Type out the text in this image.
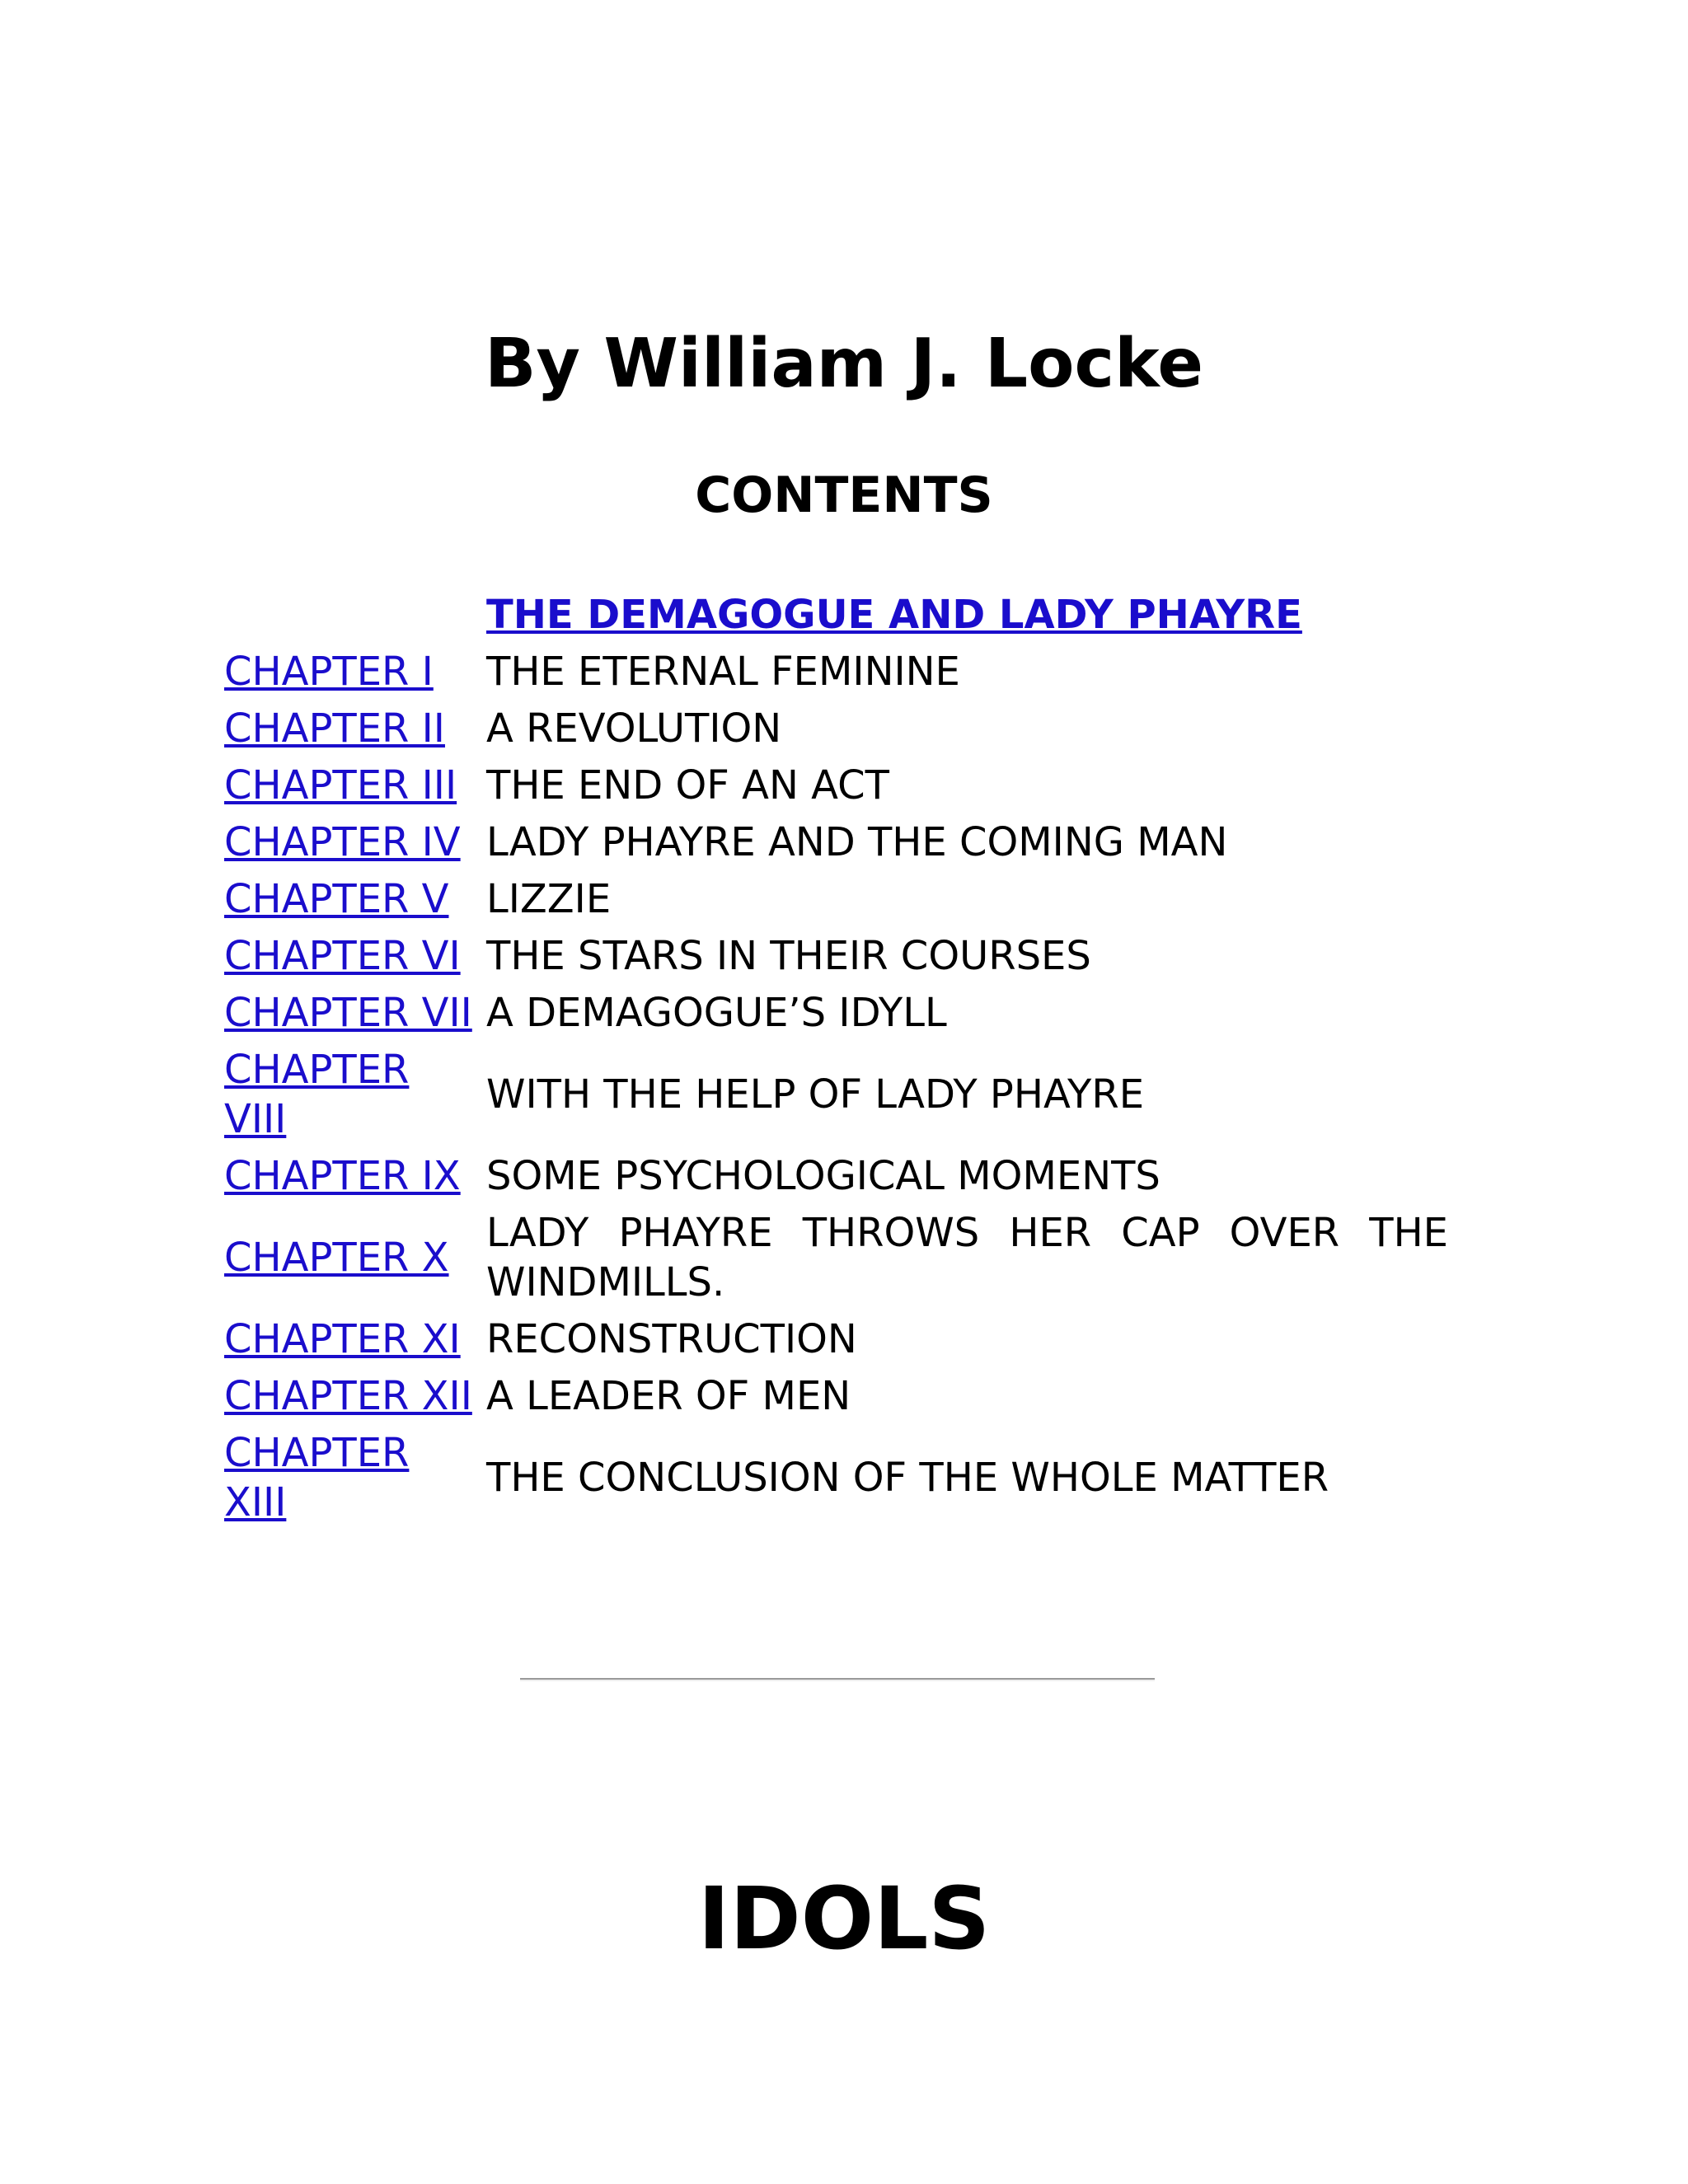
By William J. Locke
CONTENTS
	THE DEMAGOGUE AND LADY PHAYRE
CHAPTER I	THE ETERNAL FEMININE
CHAPTER II	A REVOLUTION
CHAPTER III	THE END OF AN ACT
CHAPTER IV	LADY PHAYRE AND THE COMING MAN
CHAPTER V	LIZZIE
CHAPTER VI	THE STARS IN THEIR COURSES
CHAPTER VII	A DEMAGOGUE’S IDYLL
CHAPTER VIII	WITH THE HELP OF LADY PHAYRE
CHAPTER IX	SOME PSYCHOLOGICAL MOMENTS
CHAPTER X	LADY PHAYRE THROWS HER CAP OVER THE WINDMILLS.
CHAPTER XI	RECONSTRUCTION
CHAPTER XII	A LEADER OF MEN
CHAPTER XIII	THE CONCLUSION OF THE WHOLE MATTER
IDOLS
